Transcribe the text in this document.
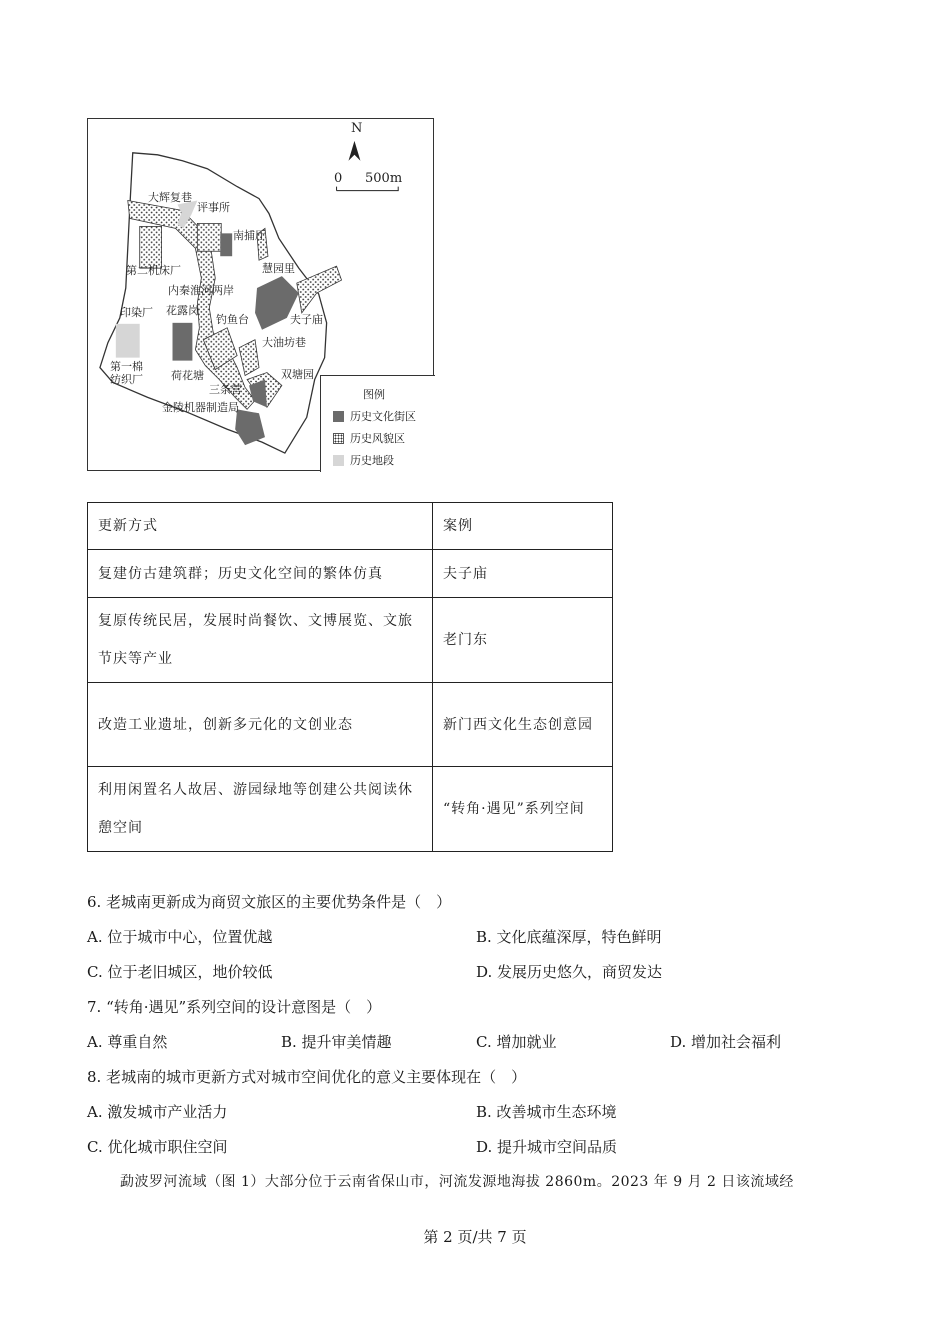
N
0 500m
大辉复巷
评事所
南捕厅
第二机床厂	慧园里
内秦淮河两岸
印染厂 花露岗
钓鱼台	夫子庙
大油坊巷
第一棉
纺织厂	荷花塘	双塘园
三条营
金陵机器制造局
图例
历史文化街区
历史风貌区
历史地段
更新方式	案例
复建仿古建筑群；历史文化空间的繁体仿真	夫子庙
复原传统民居，发展时尚餐饮、文博展览、文旅节庆等产业	老门东
改造工业遗址，创新多元化的文创业态	新门西文化生态创意园
利用闲置名人故居、游园绿地等创建公共阅读休憩空间	“转角·遇见”系列空间
6. 老城南更新成为商贸文旅区的主要优势条件是（　）
A. 位于城市中心，位置优越	B. 文化底蕴深厚，特色鲜明
C. 位于老旧城区，地价较低	D. 发展历史悠久，商贸发达
7. “转角·遇见”系列空间的设计意图是（　）
A. 尊重自然	B. 提升审美情趣	C. 增加就业	D. 增加社会福利
8. 老城南的城市更新方式对城市空间优化的意义主要体现在（　）
A. 激发城市产业活力	B. 改善城市生态环境
C. 优化城市职住空间	D. 提升城市空间品质
勐波罗河流域（图 1）大部分位于云南省保山市，河流发源地海拔 2860m。2023 年 9 月 2 日该流域经
第 2 页/共 7 页
